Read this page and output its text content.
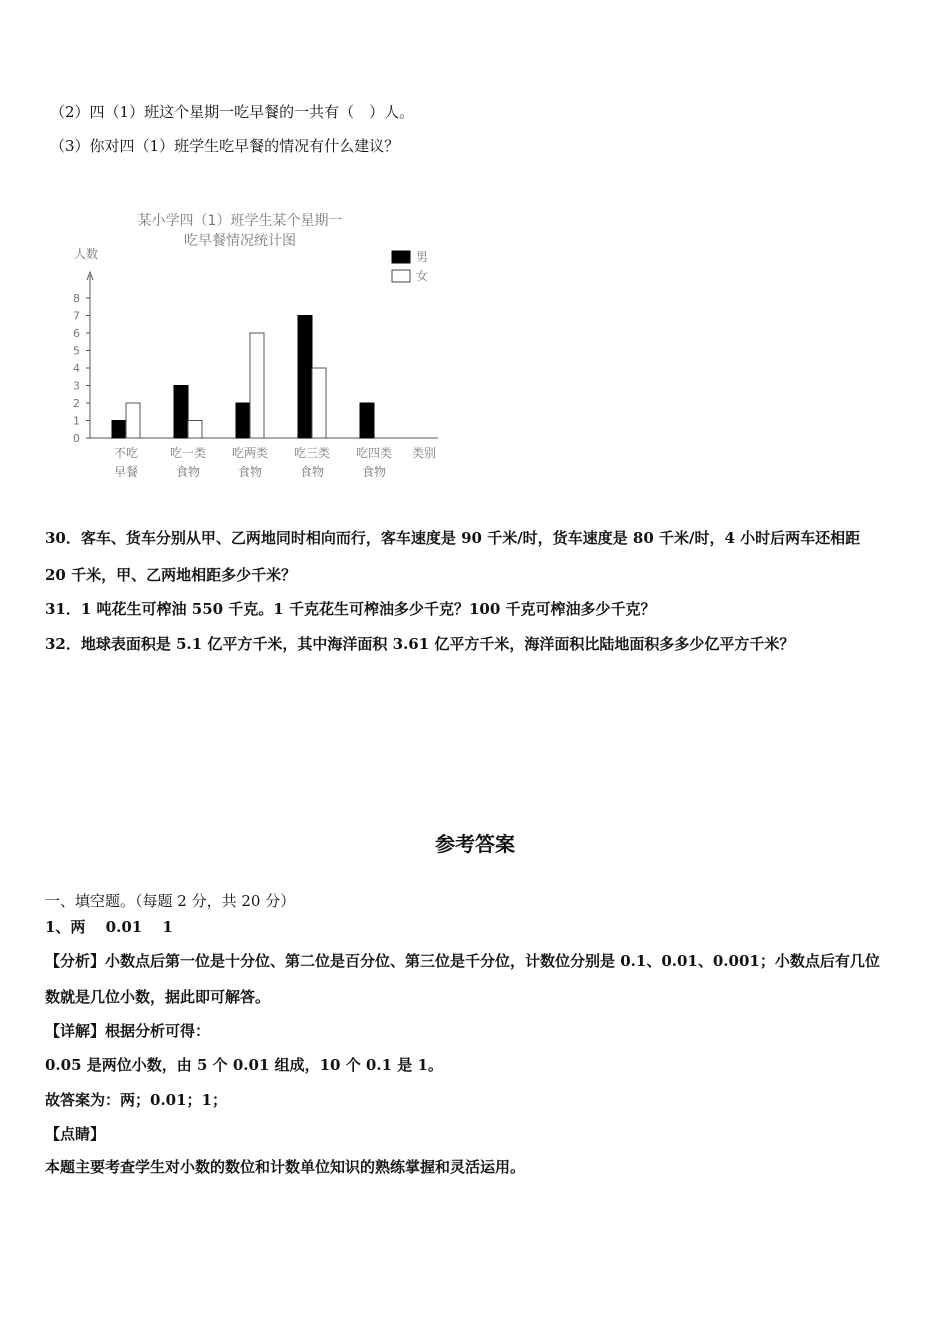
（2）四（1）班这个星期一吃早餐的一共有（　）人。
（3）你对四（1）班学生吃早餐的情况有什么建议？
某小学四（1）班学生某个星期一
吃早餐情况统计图
人数
类别
男
女
0
1
2
3
4
5
6
7
8
不吃
早餐
吃一类
食物
吃两类
食物
吃三类
食物
吃四类
食物
30．客车、货车分别从甲、乙两地同时相向而行，客车速度是 90 千米/时，货车速度是 80 千米/时，4 小时后两车还相距
20 千米，甲、乙两地相距多少千米？
31．1 吨花生可榨油 550 千克。1 千克花生可榨油多少千克？100 千克可榨油多少千克？
32．地球表面积是 5.1 亿平方千米，其中海洋面积 3.61 亿平方千米，海洋面积比陆地面积多多少亿平方千米？
参考答案
一、填空题。（每题 2 分，共 20 分）
1、两　 0.01　 1
【分析】小数点后第一位是十分位、第二位是百分位、第三位是千分位，计数位分别是 0.1、0.01、0.001；小数点后有几位
数就是几位小数，据此即可解答。
【详解】根据分析可得：
0.05 是两位小数，由 5 个 0.01 组成，10 个 0.1 是 1。
故答案为：两；0.01；1；
【点睛】
本题主要考查学生对小数的数位和计数单位知识的熟练掌握和灵活运用。
